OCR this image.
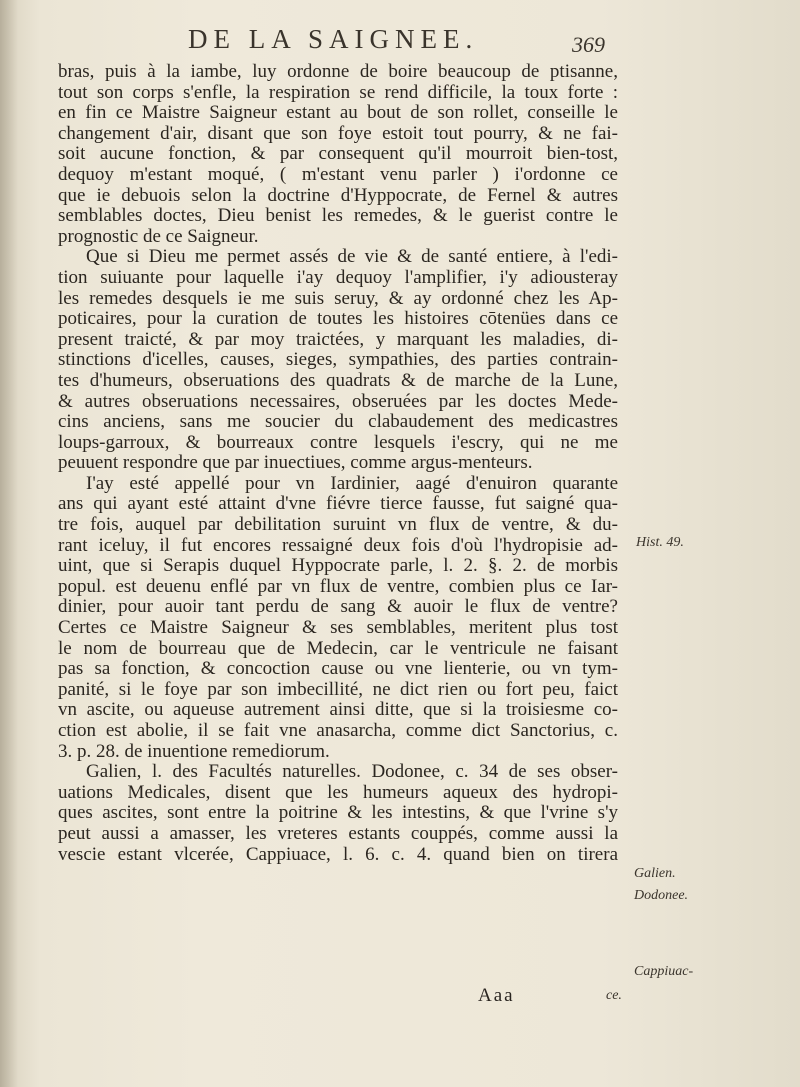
DE LA SAIGNEE.	369
bras, puis à la iambe, luy ordonne de boire beaucoup de ptisanne,
tout son corps s'enfle, la respiration se rend difficile, la toux forte :
en fin ce Maistre Saigneur estant au bout de son rollet, conseille le
changement d'air, disant que son foye estoit tout pourry, & ne fai-
soit aucune fonction, & par consequent qu'il mourroit bien-tost,
dequoy m'estant moqué, ( m'estant venu parler ) i'ordonne ce
que ie debuois selon la doctrine d'Hyppocrate, de Fernel & autres
semblables doctes, Dieu benist les remedes, & le guerist contre le
prognostic de ce Saigneur.
Que si Dieu me permet assés de vie & de santé entiere, à l'edi-
tion suiuante pour laquelle i'ay dequoy l'amplifier, i'y adiousteray
les remedes desquels ie me suis seruy, & ay ordonné chez les Ap-
poticaires, pour la curation de toutes les histoires cōtenües dans ce
present traicté, & par moy traictées, y marquant les maladies, di-
stinctions d'icelles, causes, sieges, sympathies, des parties contrain-
tes d'humeurs, obseruations des quadrats & de marche de la Lune,
& autres obseruations necessaires, obseruées par les doctes Mede-
cins anciens, sans me soucier du clabaudement des medicastres
loups-garroux, & bourreaux contre lesquels i'escry, qui ne me
peuuent respondre que par inuectiues, comme argus-menteurs.
I'ay esté appellé pour vn Iardinier, aagé d'enuiron quarante
ans qui ayant esté attaint d'vne fiévre tierce fausse, fut saigné qua-
tre fois, auquel par debilitation suruint vn flux de ventre, & du-
rant iceluy, il fut encores ressaigné deux fois d'où l'hydropisie ad-
uint, que si Serapis duquel Hyppocrate parle, l. 2. §. 2. de morbis
popul. est deuenu enflé par vn flux de ventre, combien plus ce Iar-
dinier, pour auoir tant perdu de sang & auoir le flux de ventre?
Certes ce Maistre Saigneur & ses semblables, meritent plus tost
le nom de bourreau que de Medecin, car le ventricule ne faisant
pas sa fonction, & concoction cause ou vne lienterie, ou vn tym-
panité, si le foye par son imbecillité, ne dict rien ou fort peu, faict
vn ascite, ou aqueuse autrement ainsi ditte, que si la troisiesme co-
ction est abolie, il se fait vne anasarcha, comme dict Sanctorius, c.
3. p. 28. de inuentione remediorum.
Galien, l. des Facultés naturelles. Dodonee, c. 34 de ses obser-
uations Medicales, disent que les humeurs aqueux des hydropi-
ques ascites, sont entre la poitrine & les intestins, & que l'vrine s'y
peut aussi a amasser, les vreteres estants couppés, comme aussi la
vescie estant vlcerée, Cappiuace, l. 6. c. 4. quand bien on tirera
Hist. 49.
Galien.
Dodonee.
Cappiuac-
ce.
Aaa
